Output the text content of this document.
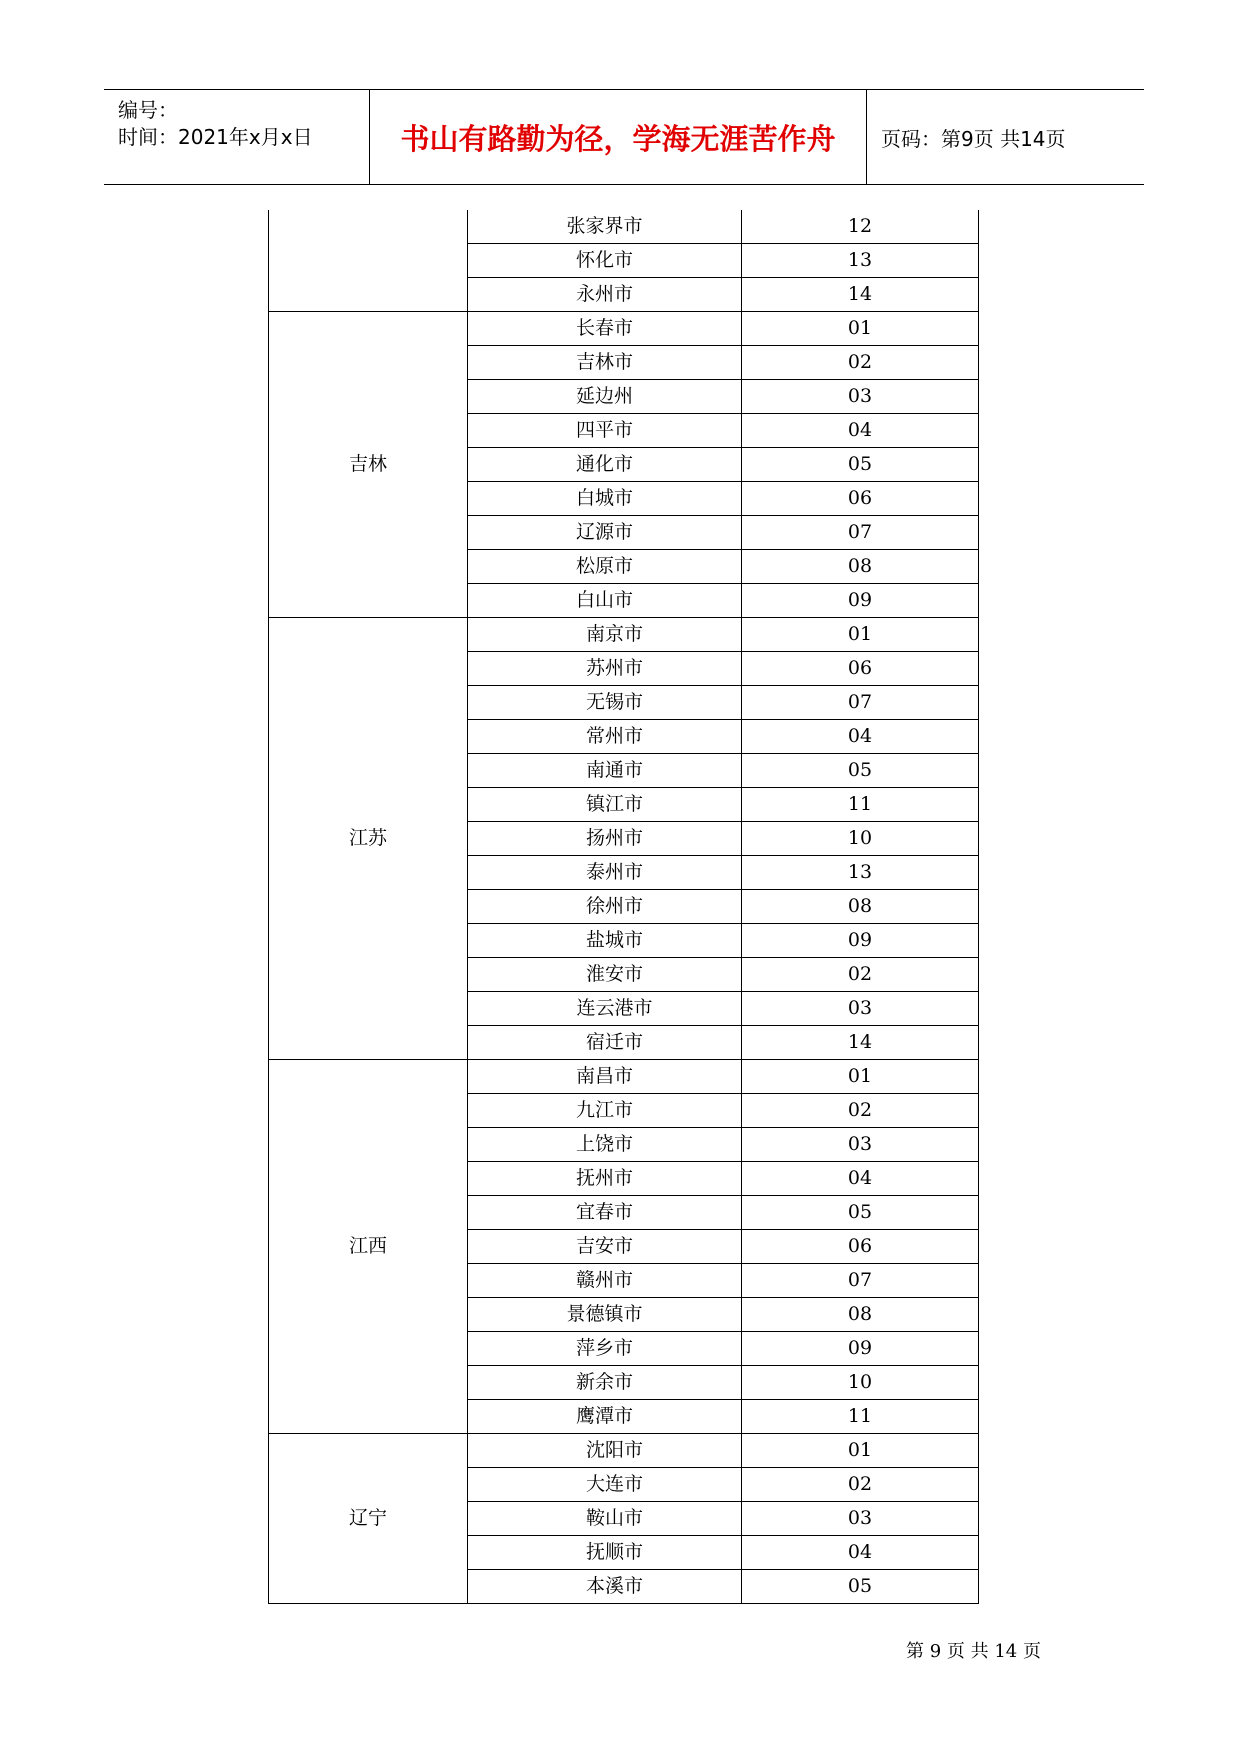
编号：
时间：2021年x月x日	书山有路勤为径，学海无涯苦作舟	页码：第9页 共14页
	张家界市	12
	怀化市	13
	永州市	14
吉林	长春市	01
	吉林市	02
	延边州	03
	四平市	04
	通化市	05
	白城市	06
	辽源市	07
	松原市	08
	白山市	09
江苏	南京市	01
	苏州市	06
	无锡市	07
	常州市	04
	南通市	05
	镇江市	11
	扬州市	10
	泰州市	13
	徐州市	08
	盐城市	09
	淮安市	02
	连云港市	03
	宿迁市	14
江西	南昌市	01
	九江市	02
	上饶市	03
	抚州市	04
	宜春市	05
	吉安市	06
	赣州市	07
	景德镇市	08
	萍乡市	09
	新余市	10
	鹰潭市	11
辽宁	沈阳市	01
	大连市	02
	鞍山市	03
	抚顺市	04
	本溪市	05
第 9 页 共 14 页
